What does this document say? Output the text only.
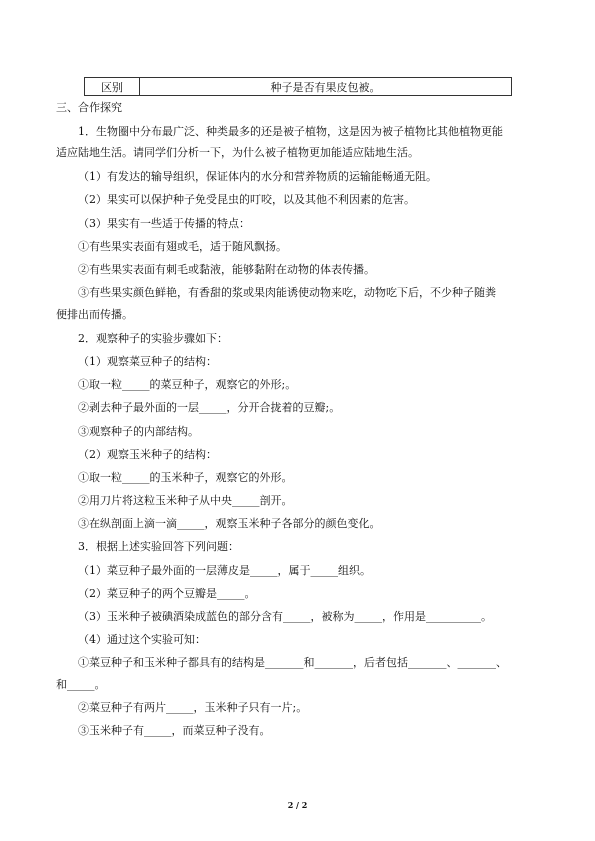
区别	种子是否有果皮包被。
三、合作探究
1．生物圈中分布最广泛、种类最多的还是被子植物，这是因为被子植物比其他植物更能
适应陆地生活。请同学们分析一下，为什么被子植物更加能适应陆地生活。
（1）有发达的输导组织，保证体内的水分和营养物质的运输能畅通无阻。
（2）果实可以保护种子免受昆虫的叮咬，以及其他不利因素的危害。
（3）果实有一些适于传播的特点：
①有些果实表面有翅或毛，适于随风飘扬。
②有些果实表面有刺毛或黏液，能够黏附在动物的体表传播。
③有些果实颜色鲜艳，有香甜的浆或果肉能诱使动物来吃，动物吃下后，不少种子随粪
便排出而传播。
2．观察种子的实验步骤如下：
（1）观察菜豆种子的结构：
①取一粒_____的菜豆种子，观察它的外形;。
②剥去种子最外面的一层_____，分开合拢着的豆瓣;。
③观察种子的内部结构。
（2）观察玉米种子的结构：
①取一粒_____的玉米种子，观察它的外形。
②用刀片将这粒玉米种子从中央_____剖开。
③在纵剖面上滴一滴_____，观察玉米种子各部分的颜色变化。
3．根据上述实验回答下列问题：
（1）菜豆种子最外面的一层薄皮是_____，属于_____组织。
（2）菜豆种子的两个豆瓣是_____。
（3）玉米种子被碘酒染成蓝色的部分含有_____，被称为_____，作用是__________。
（4）通过这个实验可知：
①菜豆种子和玉米种子都具有的结构是_______和_______，后者包括_______、_______、
和_____。
②菜豆种子有两片_____，玉米种子只有一片;。
③玉米种子有_____，而菜豆种子没有。
2 / 2
